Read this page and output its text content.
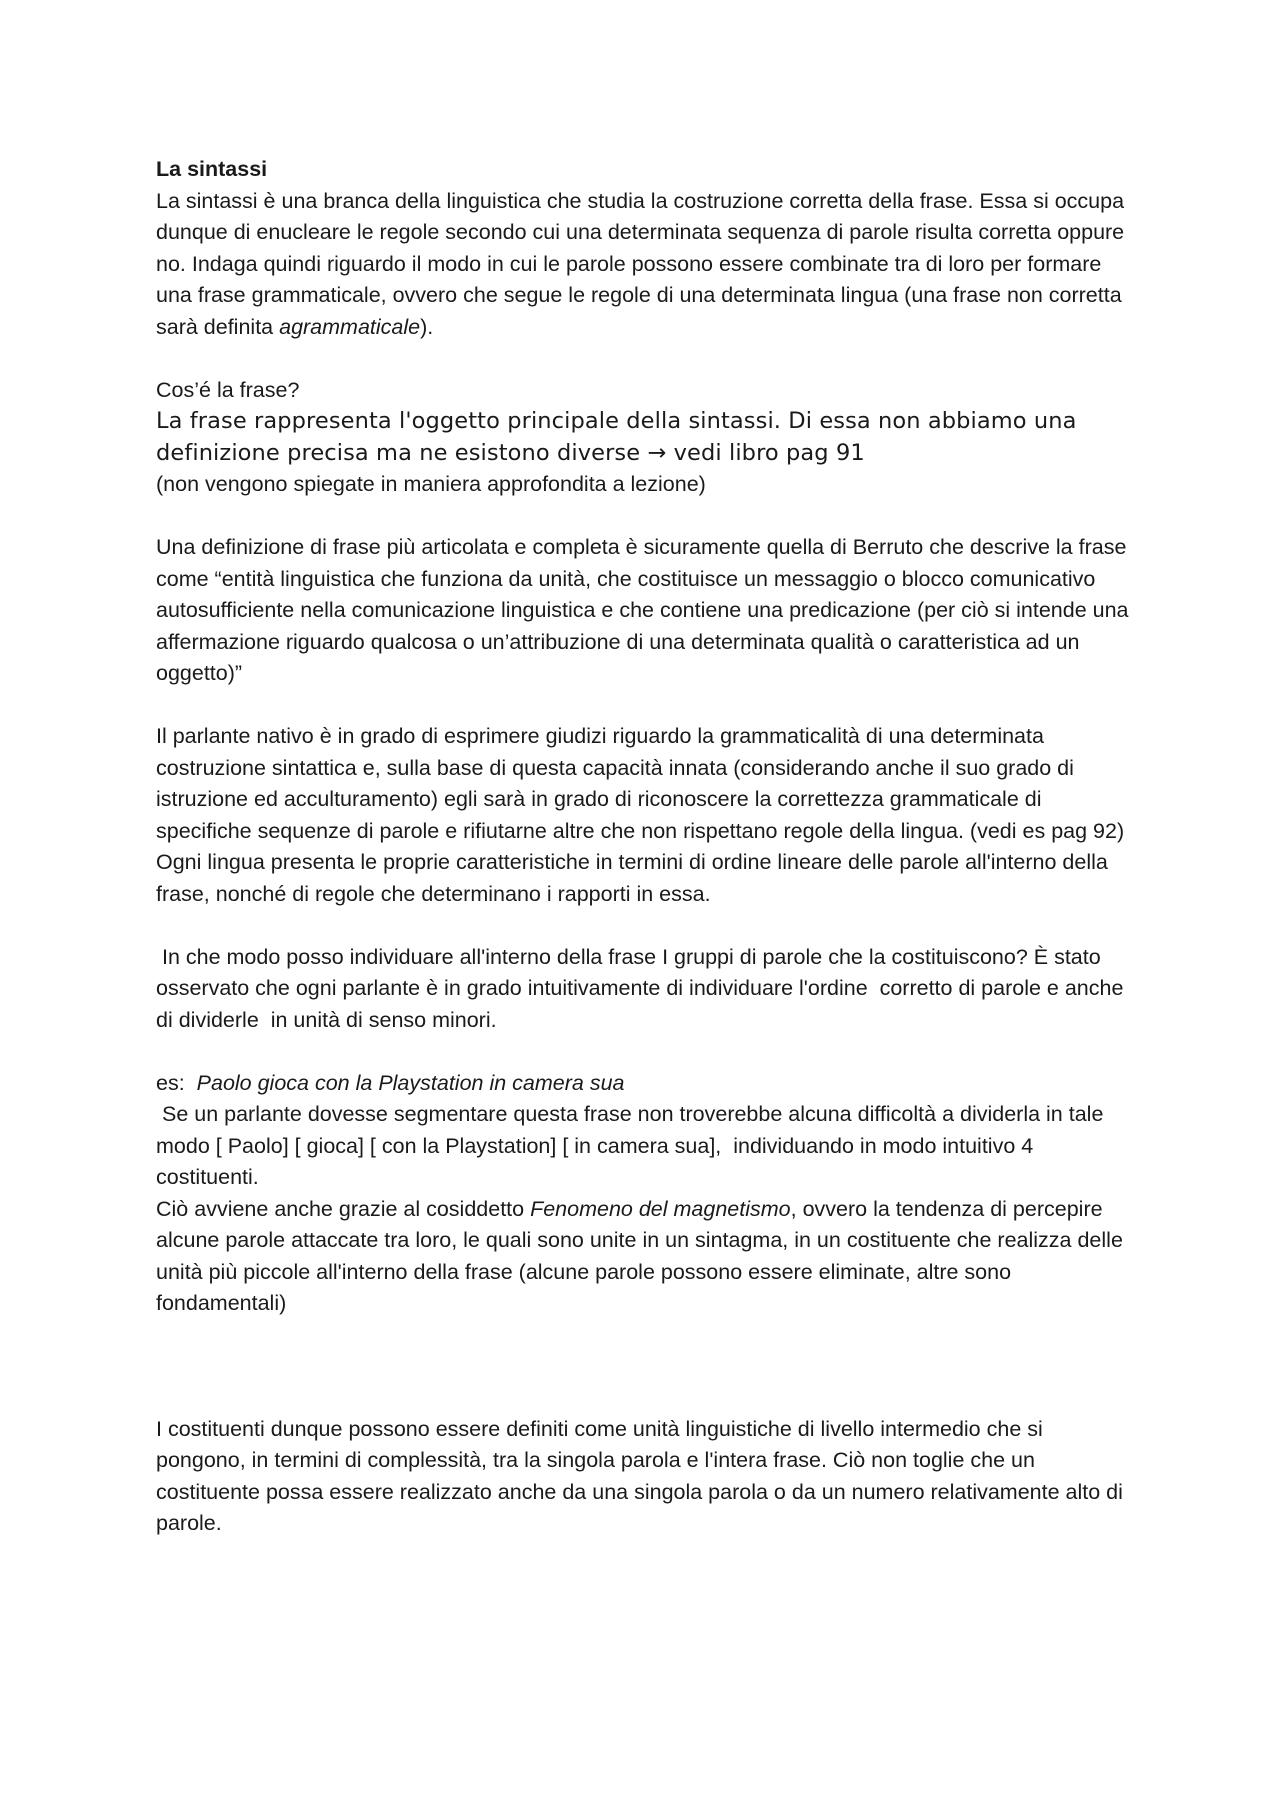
La sintassi

La sintassi è una branca della linguistica che studia la costruzione corretta della frase. Essa si occupa dunque di enucleare le regole secondo cui una determinata sequenza di parole risulta corretta oppure no. Indaga quindi riguardo il modo in cui le parole possono essere combinate tra di loro per formare una frase grammaticale, ovvero che segue le regole di una determinata lingua (una frase non corretta sarà definita agrammaticale).

Cos’é la frase?

La frase rappresenta l'oggetto principale della sintassi. Di essa non abbiamo una

definizione precisa ma ne esistono diverse → vedi libro pag 91

(non vengono spiegate in maniera approfondita a lezione)

Una definizione di frase più articolata e completa è sicuramente quella di Berruto che descrive la frase come “entità linguistica che funziona da unità, che costituisce un messaggio o blocco comunicativo autosufficiente nella comunicazione linguistica e che contiene una predicazione (per ciò si intende una affermazione riguardo qualcosa o un’attribuzione di una determinata qualità o caratteristica ad un oggetto)”

Il parlante nativo è in grado di esprimere giudizi riguardo la grammaticalità di una determinata costruzione sintattica e, sulla base di questa capacità innata (considerando anche il suo grado di istruzione ed acculturamento) egli sarà in grado di riconoscere la correttezza grammaticale di specifiche sequenze di parole e rifiutarne altre che non rispettano regole della lingua. (vedi es pag 92)

Ogni lingua presenta le proprie caratteristiche in termini di ordine lineare delle parole all'interno della frase, nonché di regole che determinano i rapporti in essa.

In che modo posso individuare all'interno della frase I gruppi di parole che la costituiscono? È stato osservato che ogni parlante è in grado intuitivamente di individuare l'ordine  corretto di parole e anche di dividerle  in unità di senso minori.

es:  Paolo gioca con la Playstation in camera sua

Se un parlante dovesse segmentare questa frase non troverebbe alcuna difficoltà a dividerla in tale modo [ Paolo] [ gioca] [ con la Playstation] [ in camera sua],  individuando in modo intuitivo 4 costituenti.

Ciò avviene anche grazie al cosiddetto Fenomeno del magnetismo, ovvero la tendenza di percepire alcune parole attaccate tra loro, le quali sono unite in un sintagma, in un costituente che realizza delle unità più piccole all'interno della frase (alcune parole possono essere eliminate, altre sono fondamentali)

I costituenti dunque possono essere definiti come unità linguistiche di livello intermedio che si pongono, in termini di complessità, tra la singola parola e l'intera frase. Ciò non toglie che un costituente possa essere realizzato anche da una singola parola o da un numero relativamente alto di parole.
